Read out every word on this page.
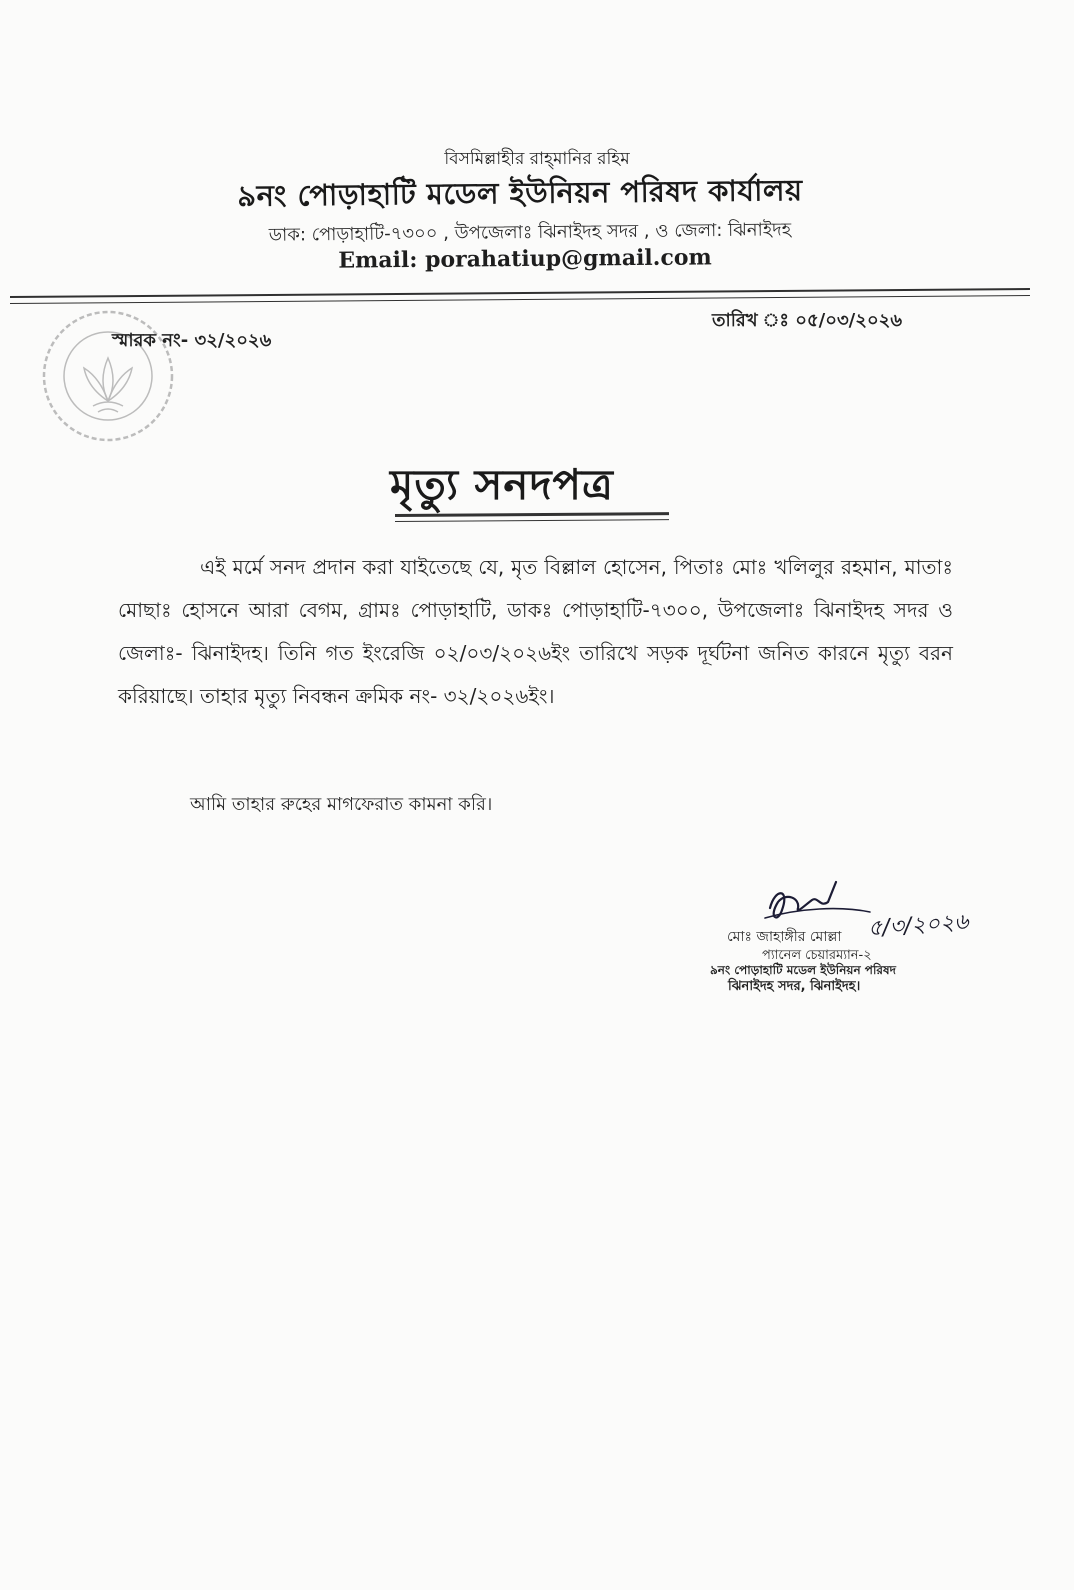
বিসমিল্লাহীর রাহ্‌মানির রহিম
৯নং পোড়াহাটি মডেল ইউনিয়ন পরিষদ কার্যালয়
ডাক: পোড়াহাটি-৭৩০০ , উপজেলাঃ ঝিনাইদহ সদর , ও জেলা: ঝিনাইদহ
Email: porahatiup@gmail.com
স্মারক নং- ৩২/২০২৬
তারিখ ঃ ০৫/০৩/২০২৬
মৃত্যু সনদপত্র

এই মর্মে সনদ প্রদান করা যাইতেছে যে, মৃত বিল্লাল হোসেন, পিতাঃ মোঃ খলিলুর রহমান, মাতাঃ মোছাঃ হোসনে আরা বেগম, গ্রামঃ পোড়াহাটি, ডাকঃ পোড়াহাটি-৭৩০০, উপজেলাঃ ঝিনাইদহ সদর ও জেলাঃ- ঝিনাইদহ। তিনি গত ইংরেজি ০২/০৩/২০২৬ইং তারিখে সড়ক দূর্ঘটনা জনিত কারনে মৃত্যু বরন করিয়াছে। তাহার মৃত্যু নিবন্ধন ক্রমিক নং- ৩২/২০২৬ইং।

আমি তাহার রুহের মাগফেরাত কামনা করি।
৫/৩/২০২৬
মোঃ জাহাঙ্গীর মোল্লা
প্যানেল চেয়ারম্যান-২
৯নং পোড়াহাটি মডেল ইউনিয়ন পরিষদ
ঝিনাইদহ সদর, ঝিনাইদহ।
